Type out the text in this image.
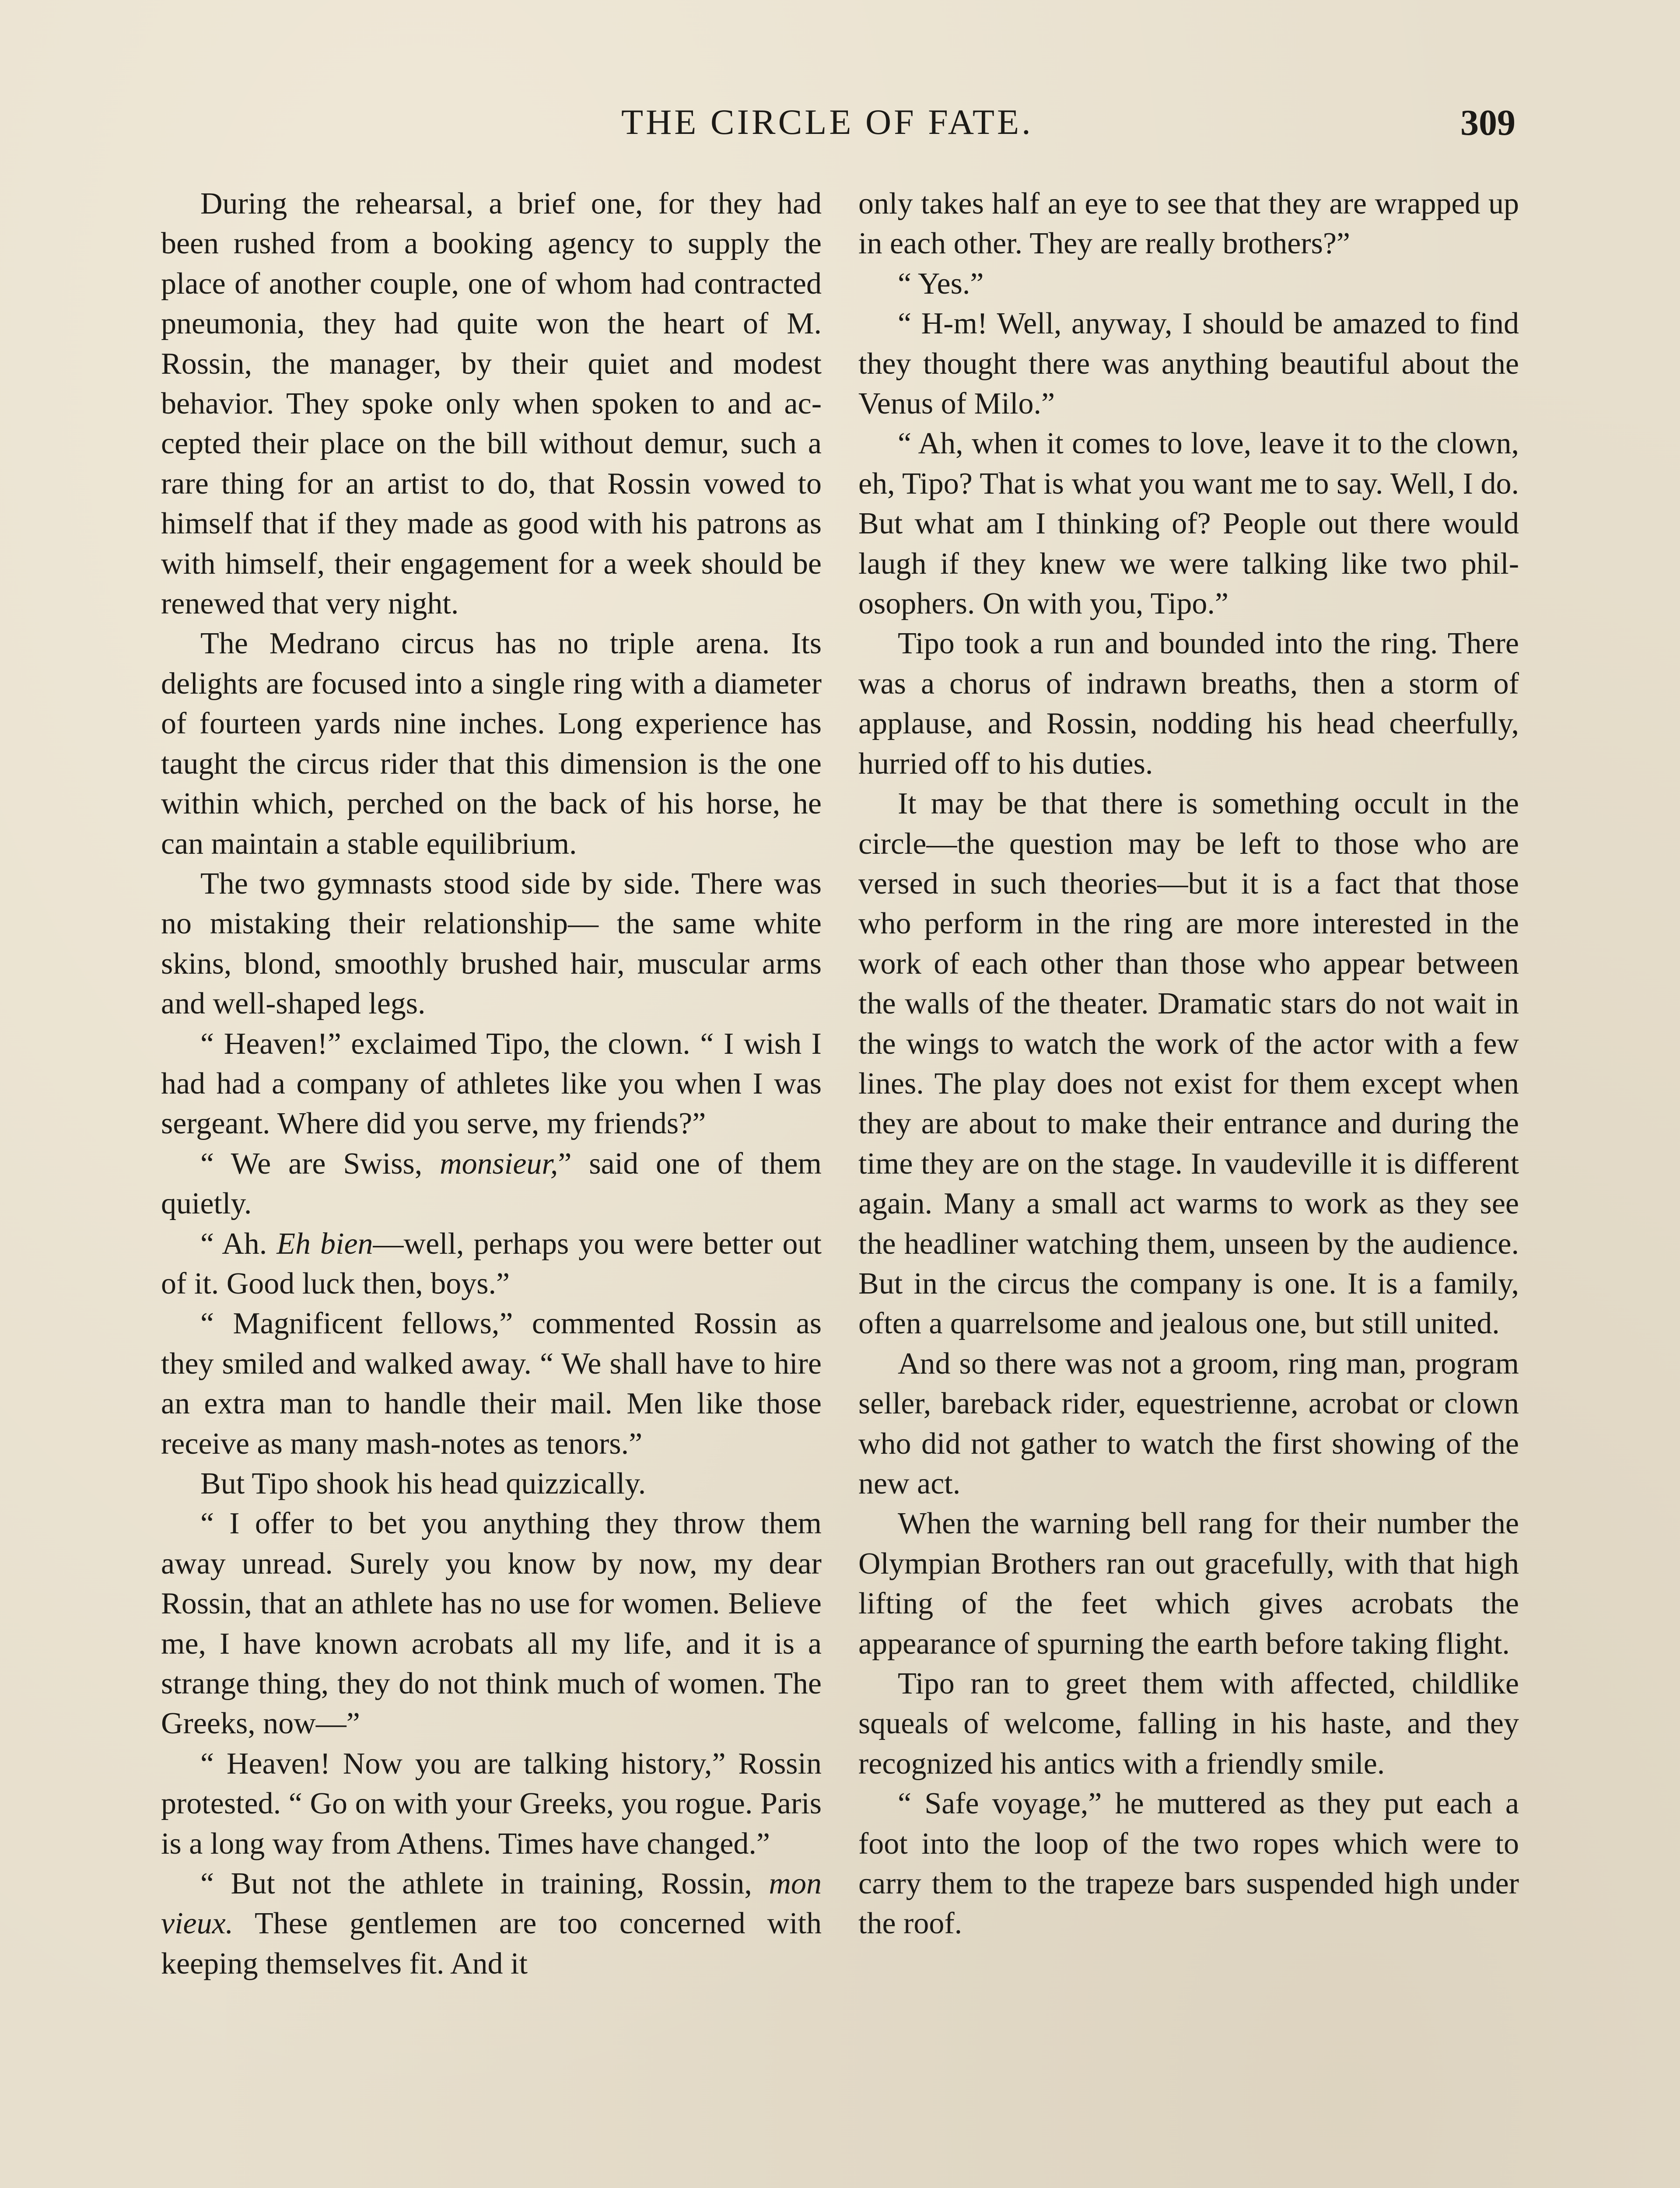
THE CIRCLE OF FATE.	309

During the rehearsal, a brief one, for they had been rushed from a booking agency to supply the place of another couple, one of whom had contracted pneumonia, they had quite won the heart of M. Rossin, the manager, by their quiet and modest behavior. They spoke only when spoken to and accepted their place on the bill without demur, such a rare thing for an artist to do, that Rossin vowed to himself that if they made as good with his patrons as with himself, their engagement for a week should be renewed that very night.

The Medrano circus has no triple arena. Its delights are focused into a single ring with a diameter of fourteen yards nine inches. Long experience has taught the circus rider that this dimension is the one within which, perched on the back of his horse, he can maintain a stable equilibrium.

The two gymnasts stood side by side. There was no mistaking their relationship— the same white skins, blond, smoothly brushed hair, muscular arms and well-shaped legs.

“ Heaven!” exclaimed Tipo, the clown. “ I wish I had had a company of athletes like you when I was sergeant. Where did you serve, my friends?”

“ We are Swiss, monsieur,” said one of them quietly.

“ Ah. Eh bien—well, perhaps you were better out of it. Good luck then, boys.”

“ Magnificent fellows,” commented Rossin as they smiled and walked away. “ We shall have to hire an extra man to handle their mail. Men like those receive as many mash-notes as tenors.”

But Tipo shook his head quizzically.

“ I offer to bet you anything they throw them away unread. Surely you know by now, my dear Rossin, that an athlete has no use for women. Believe me, I have known acrobats all my life, and it is a strange thing, they do not think much of women. The Greeks, now—”

“ Heaven! Now you are talking history,” Rossin protested. “ Go on with your Greeks, you rogue. Paris is a long way from Athens. Times have changed.”

“ But not the athlete in training, Rossin, mon vieux. These gentlemen are too concerned with keeping themselves fit. And it

only takes half an eye to see that they are wrapped up in each other. They are really brothers?”

“ Yes.”

“ H-m! Well, anyway, I should be amazed to find they thought there was anything beautiful about the Venus of Milo.”

“ Ah, when it comes to love, leave it to the clown, eh, Tipo? That is what you want me to say. Well, I do. But what am I thinking of? People out there would laugh if they knew we were talking like two philosophers. On with you, Tipo.”

Tipo took a run and bounded into the ring. There was a chorus of indrawn breaths, then a storm of applause, and Rossin, nodding his head cheerfully, hurried off to his duties.

It may be that there is something occult in the circle—the question may be left to those who are versed in such theories—but it is a fact that those who perform in the ring are more interested in the work of each other than those who appear between the walls of the theater. Dramatic stars do not wait in the wings to watch the work of the actor with a few lines. The play does not exist for them except when they are about to make their entrance and during the time they are on the stage. In vaudeville it is different again. Many a small act warms to work as they see the headliner watching them, unseen by the audience. But in the circus the company is one. It is a family, often a quarrelsome and jealous one, but still united.

And so there was not a groom, ring man, program seller, bareback rider, equestrienne, acrobat or clown who did not gather to watch the first showing of the new act.

When the warning bell rang for their number the Olympian Brothers ran out gracefully, with that high lifting of the feet which gives acrobats the appearance of spurning the earth before taking flight.

Tipo ran to greet them with affected, childlike squeals of welcome, falling in his haste, and they recognized his antics with a friendly smile.

“ Safe voyage,” he muttered as they put each a foot into the loop of the two ropes which were to carry them to the trapeze bars suspended high under the roof.
